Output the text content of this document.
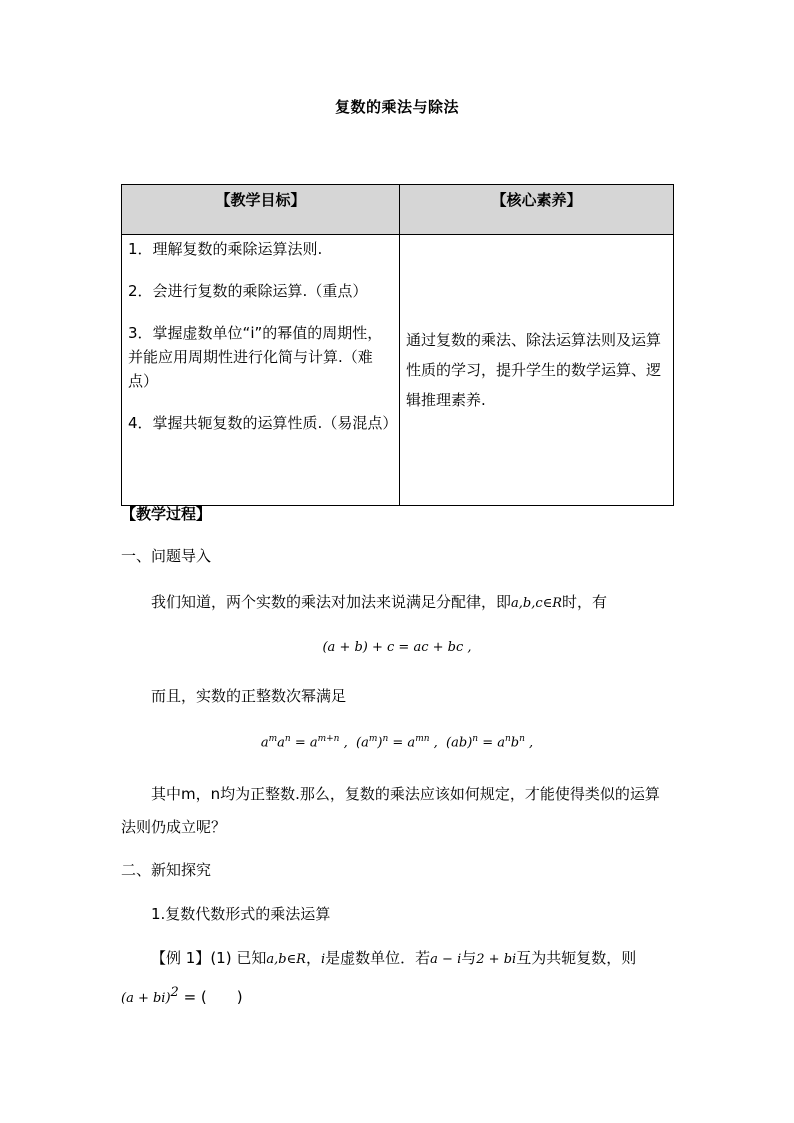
复数的乘法与除法
【教学目标】	【核心素养】

1．理解复数的乘除运算法则.

2．会进行复数的乘除运算.（重点）

3．掌握虚数单位“i”的幂值的周期性，并能应用周期性进行化简与计算.（难点）

4．掌握共轭复数的运算性质.（易混点）	通过复数的乘法、除法运算法则及运算性质的学习，提升学生的数学运算、逻辑推理素养.
【教学过程】
一、问题导入
我们知道，两个实数的乘法对加法来说满足分配律，即a,b,c∈R时，有
(a + b) + c = ac + bc ,
而且，实数的正整数次幂满足
$a^ma^n = a^{m+n}$ ,  $(a^m)^n = a^{mn}$ ,  $(ab)^n = a^nb^n$ ,
其中m，n均为正整数.那么，复数的乘法应该如何规定，才能使得类似的运算法则仍成立呢？
二、新知探究
1.复数代数形式的乘法运算
【例 1】(1) 已知a,b∈R，i是虚数单位．若a − i与2 + bi互为共轭复数，则
(a + bi)$^2$ = (　　)
